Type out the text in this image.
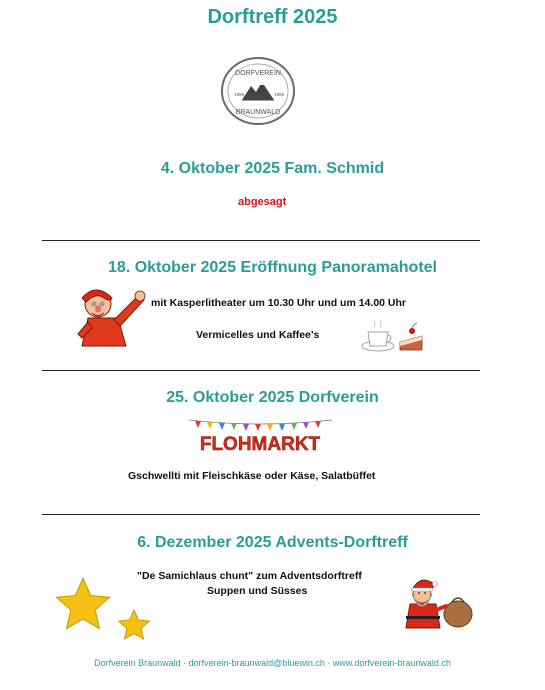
Dorftreff 2025
DORFVEREIN
BRAUNWALD
1999	1999
4. Oktober 2025 Fam. Schmid
abgesagt
18. Oktober 2025 Eröffnung Panoramahotel
mit Kasperlitheater um 10.30 Uhr und um 14.00 Uhr
Vermicelles und Kaffee's
25. Oktober 2025 Dorfverein
FLOHMARKT
Gschwellti mit Fleischkäse oder Käse, Salatbüffet
6. Dezember 2025 Advents-Dorftreff
"De Samichlaus chunt" zum Adventsdorftreff
Suppen und Süsses
Dorfverein Braunwald · dorfverein-braunwald@bluewin.ch · www.dorfverein-braunwald.ch
